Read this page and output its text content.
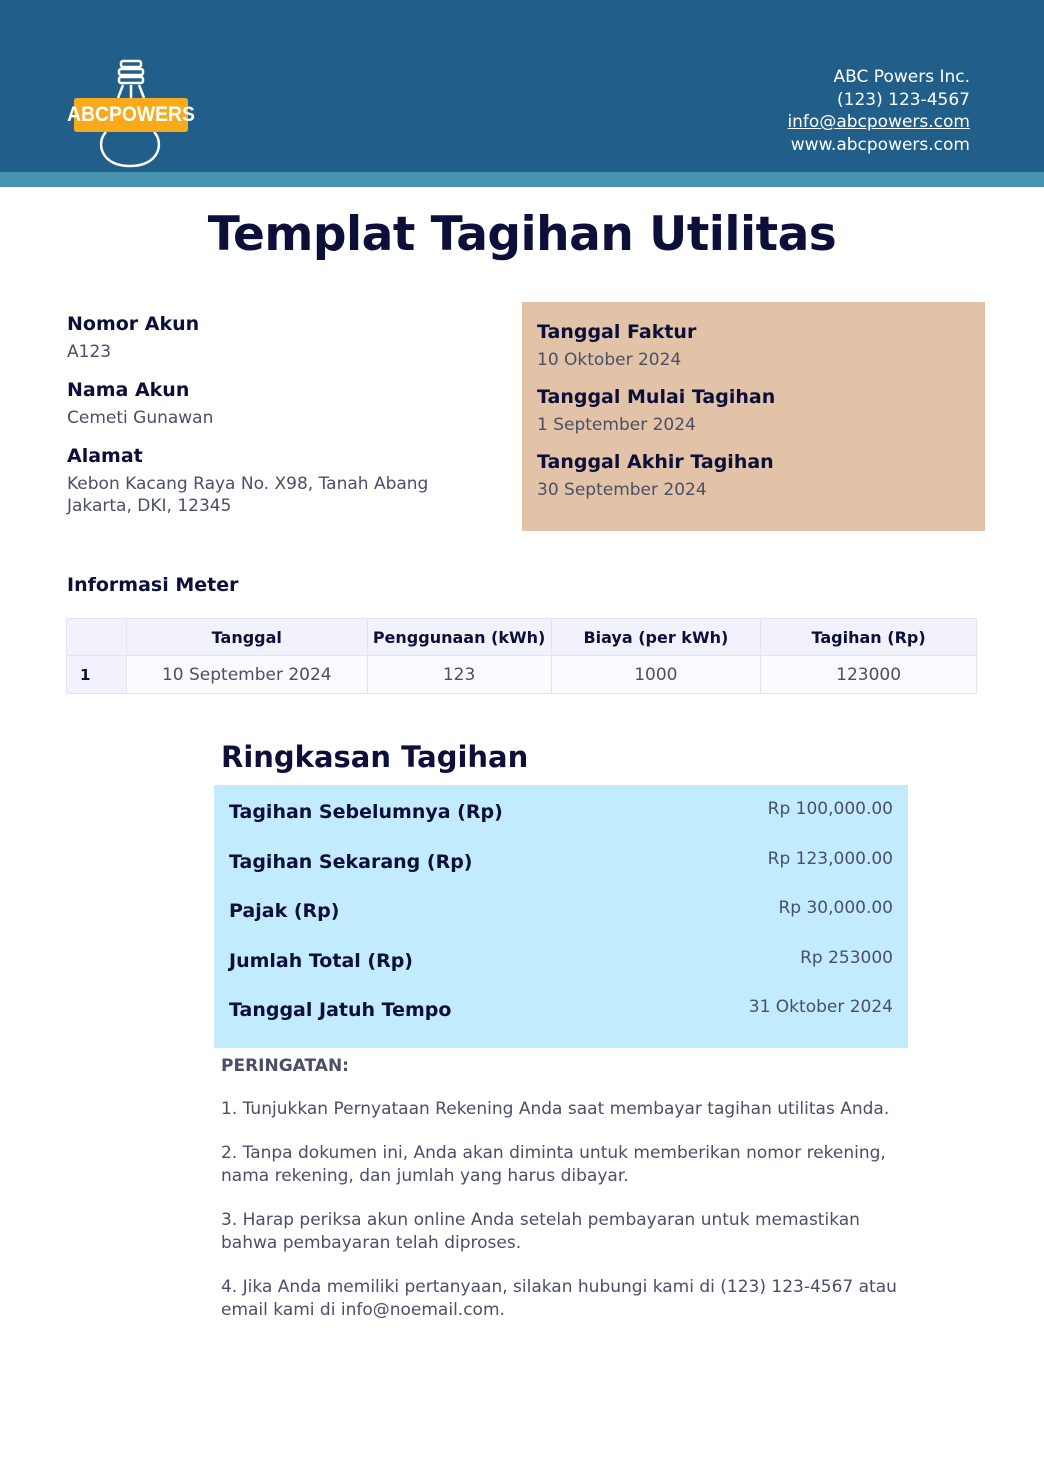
ABCPOWERS
ABC Powers Inc.
(123) 123-4567
info@abcpowers.com
www.abcpowers.com
Templat Tagihan Utilitas
Nomor Akun
A123
Nama Akun
Cemeti Gunawan
Alamat
Kebon Kacang Raya No. X98, Tanah Abang
Jakarta, DKI, 12345
Tanggal Faktur
10 Oktober 2024
Tanggal Mulai Tagihan
1 September 2024
Tanggal Akhir Tagihan
30 September 2024
Informasi Meter
	Tanggal	Penggunaan (kWh)	Biaya (per kWh)	Tagihan (Rp)
1	10 September 2024	123	1000	123000
Ringkasan Tagihan
Tagihan Sebelumnya (Rp)	Rp 100,000.00
Tagihan Sekarang (Rp)	Rp 123,000.00
Pajak (Rp)	Rp 30,000.00
Jumlah Total (Rp)	Rp 253000
Tanggal Jatuh Tempo	31 Oktober 2024
PERINGATAN:

1. Tunjukkan Pernyataan Rekening Anda saat membayar tagihan utilitas Anda.

2. Tanpa dokumen ini, Anda akan diminta untuk memberikan nomor rekening, nama rekening, dan jumlah yang harus dibayar.

3. Harap periksa akun online Anda setelah pembayaran untuk memastikan bahwa pembayaran telah diproses.

4. Jika Anda memiliki pertanyaan, silakan hubungi kami di (123) 123-4567 atau email kami di info@noemail.com.
